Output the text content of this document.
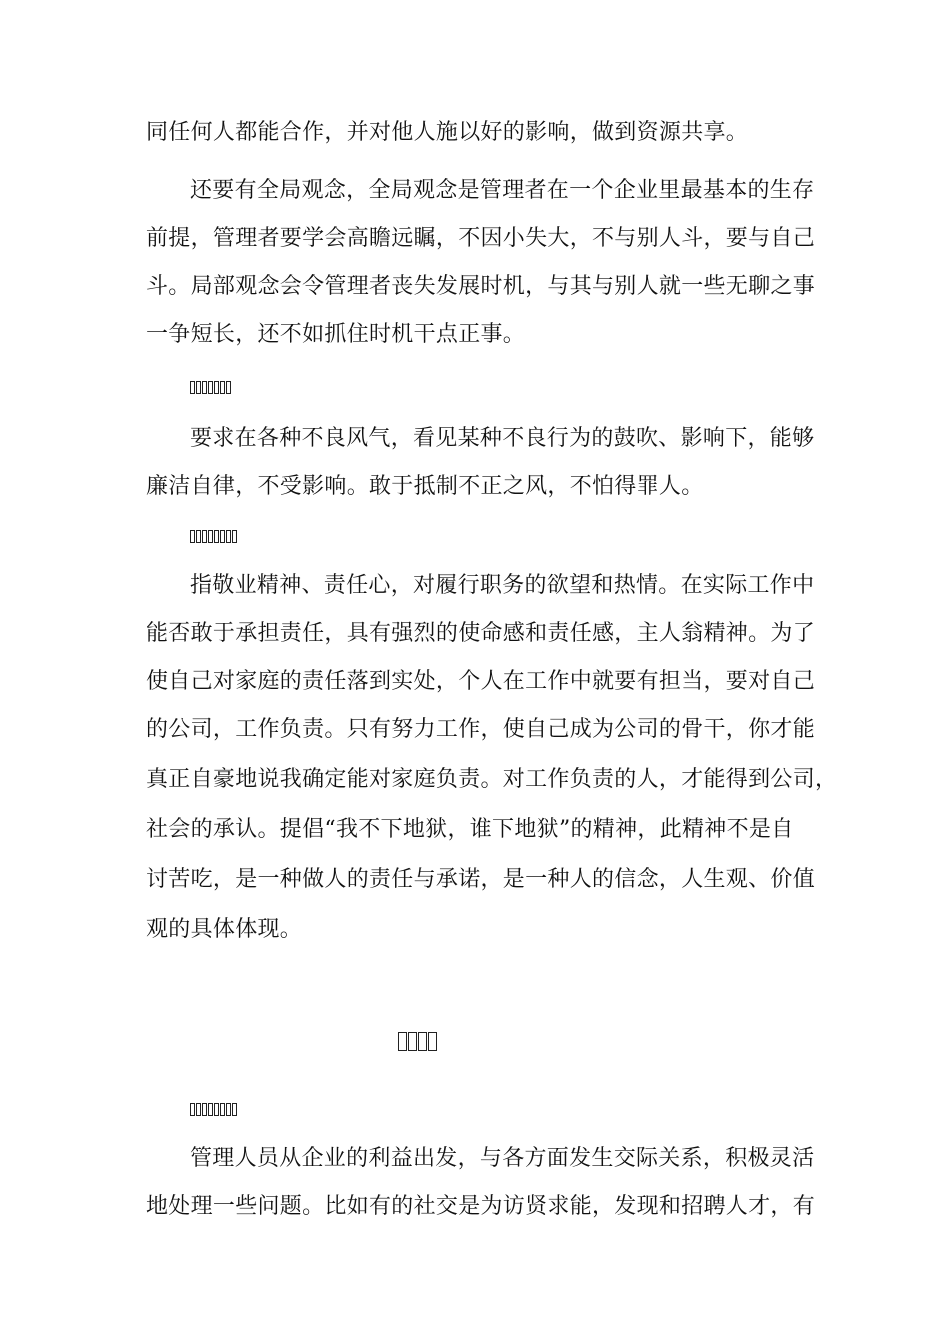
同任何人都能合作，并对他人施以好的影响，做到资源共享。
还要有全局观念，全局观念是管理者在一个企业里最基本的生存
前提，管理者要学会高瞻远瞩，不因小失大，不与别人斗，要与自己
斗。局部观念会令管理者丧失发展时机，与其与别人就一些无聊之事
一争短长，还不如抓住时机干点正事。
要求在各种不良风气，看见某种不良行为的鼓吹、影响下，能够
廉洁自律，不受影响。敢于抵制不正之风，不怕得罪人。
指敬业精神、责任心，对履行职务的欲望和热情。在实际工作中
能否敢于承担责任，具有强烈的使命感和责任感，主人翁精神。为了
使自己对家庭的责任落到实处，个人在工作中就要有担当，要对自己
的公司，工作负责。只有努力工作，使自己成为公司的骨干，你才能
真正自豪地说我确定能对家庭负责。对工作负责的人，才能得到公司，
社会的承认。提倡“我不下地狱，谁下地狱”的精神，此精神不是自
讨苦吃，是一种做人的责任与承诺，是一种人的信念，人生观、价值
观的具体体现。
管理人员从企业的利益出发，与各方面发生交际关系，积极灵活
地处理一些问题。比如有的社交是为访贤求能，发现和招聘人才，有
